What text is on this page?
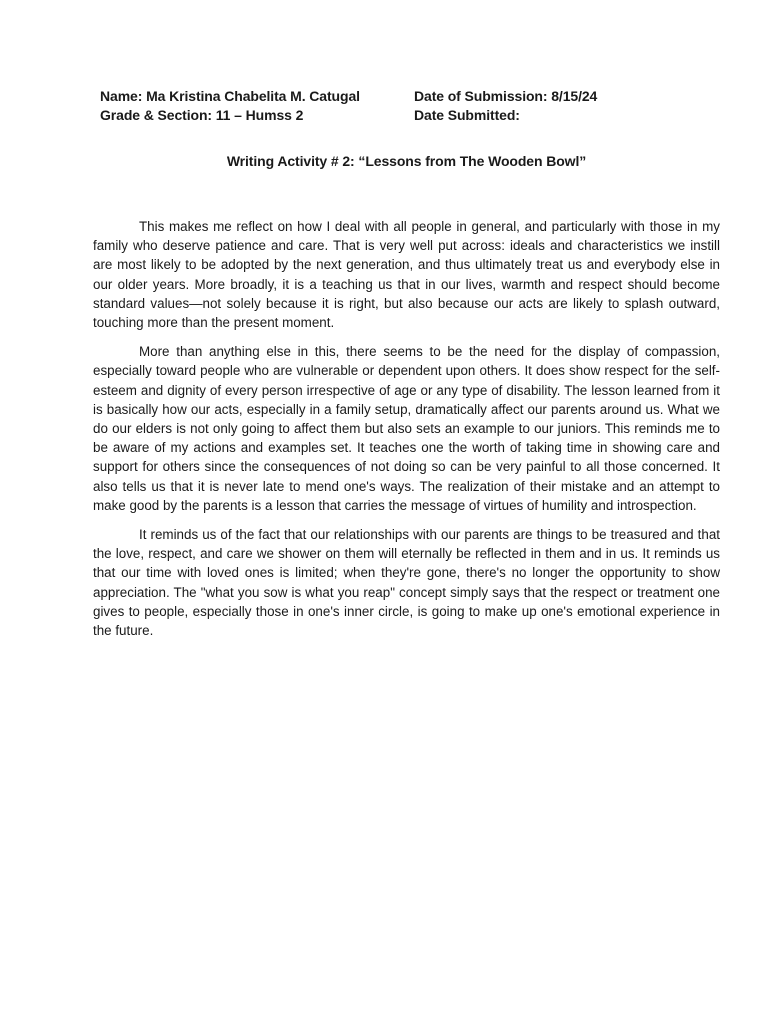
Name: Ma Kristina Chabelita M. Catugal	Date of Submission: 8/15/24
Grade & Section: 11 – Humss 2	Date Submitted:
Writing Activity # 2: “Lessons from The Wooden Bowl”

This makes me reflect on how I deal with all people in general, and particularly with those in my family who deserve patience and care. That is very well put across: ideals and characteristics we instill are most likely to be adopted by the next generation, and thus ultimately treat us and everybody else in our older years. More broadly, it is a teaching us that in our lives, warmth and respect should become standard values—not solely because it is right, but also because our acts are likely to splash outward, touching more than the present moment.

More than anything else in this, there seems to be the need for the display of compassion, especially toward people who are vulnerable or dependent upon others. It does show respect for the self-esteem and dignity of every person irrespective of age or any type of disability. The lesson learned from it is basically how our acts, especially in a family setup, dramatically affect our parents around us. What we do our elders is not only going to affect them but also sets an example to our juniors. This reminds me to be aware of my actions and examples set. It teaches one the worth of taking time in showing care and support for others since the consequences of not doing so can be very painful to all those concerned. It also tells us that it is never late to mend one's ways. The realization of their mistake and an attempt to make good by the parents is a lesson that carries the message of virtues of humility and introspection.

It reminds us of the fact that our relationships with our parents are things to be treasured and that the love, respect, and care we shower on them will eternally be reflected in them and in us. It reminds us that our time with loved ones is limited; when they're gone, there's no longer the opportunity to show appreciation. The "what you sow is what you reap" concept simply says that the respect or treatment one gives to people, especially those in one's inner circle, is going to make up one's emotional experience in the future.
